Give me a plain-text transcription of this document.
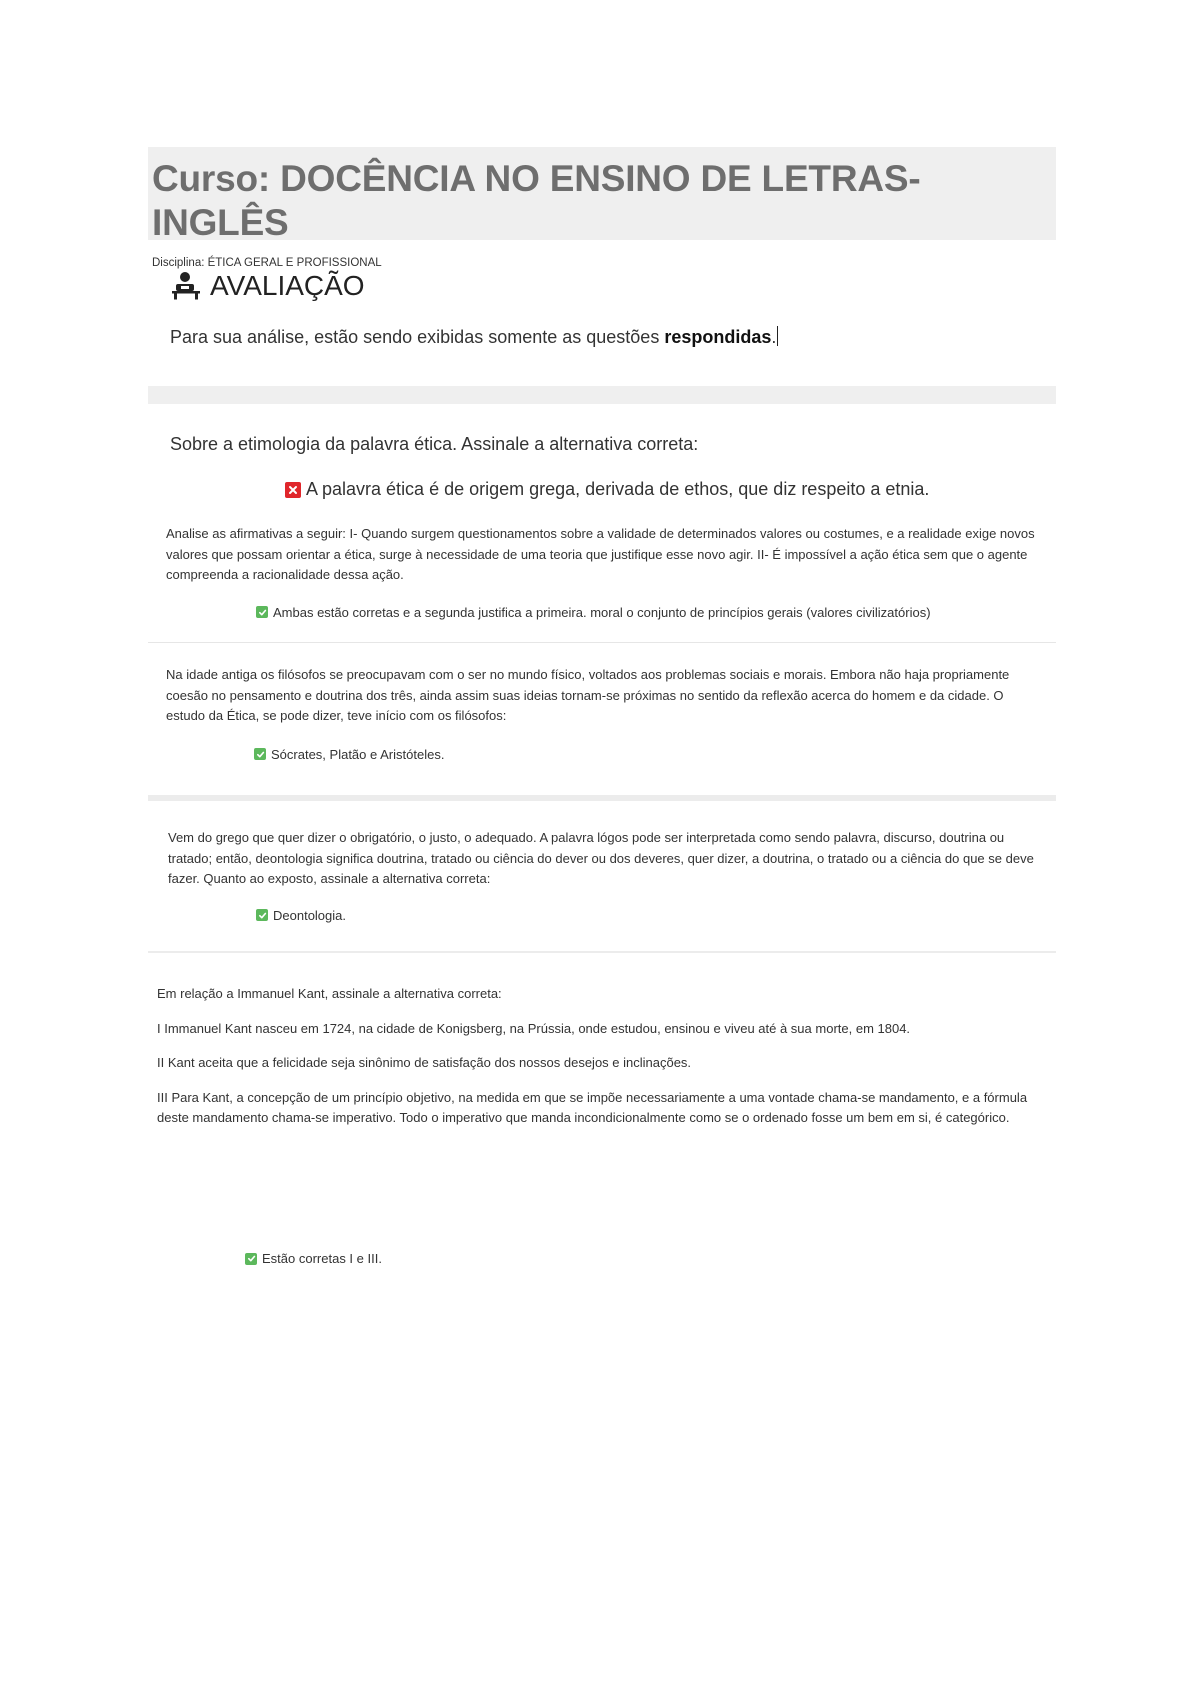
Curso: DOCÊNCIA NO ENSINO DE LETRAS-INGLÊS
Disciplina: ÉTICA GERAL E PROFISSIONAL
AVALIAÇÃO
Para sua análise, estão sendo exibidas somente as questões respondidas.
Sobre a etimologia da palavra ética. Assinale a alternativa correta:
A palavra ética é de origem grega, derivada de ethos, que diz respeito a etnia.
Analise as afirmativas a seguir: I- Quando surgem questionamentos sobre a validade de determinados valores ou costumes, e a realidade exige novos valores que possam orientar a ética, surge à necessidade de uma teoria que justifique esse novo agir. II- É impossível a ação ética sem que o agente compreenda a racionalidade dessa ação.
Ambas estão corretas e a segunda justifica a primeira. moral o conjunto de princípios gerais (valores civilizatórios)
Na idade antiga os filósofos se preocupavam com o ser no mundo físico, voltados aos problemas sociais e morais. Embora não haja propriamente coesão no pensamento e doutrina dos três, ainda assim suas ideias tornam-se próximas no sentido da reflexão acerca do homem e da cidade. O estudo da Ética, se pode dizer, teve início com os filósofos:
Sócrates, Platão e Aristóteles.
Vem do grego que quer dizer o obrigatório, o justo, o adequado. A palavra lógos pode ser interpretada como sendo palavra, discurso, doutrina ou tratado; então, deontologia significa doutrina, tratado ou ciência do dever ou dos deveres, quer dizer, a doutrina, o tratado ou a ciência do que se deve fazer. Quanto ao exposto, assinale a alternativa correta:
Deontologia.

Em relação a Immanuel Kant, assinale a alternativa correta:

I Immanuel Kant nasceu em 1724, na cidade de Konigsberg, na Prússia, onde estudou, ensinou e viveu até à sua morte, em 1804.

II Kant aceita que a felicidade seja sinônimo de satisfação dos nossos desejos e inclinações.

III Para Kant, a concepção de um princípio objetivo, na medida em que se impõe necessariamente a uma vontade chama-se mandamento, e a fórmula deste mandamento chama-se imperativo. Todo o imperativo que manda incondicionalmente como se o ordenado fosse um bem em si, é categórico.

Estão corretas I e III.
